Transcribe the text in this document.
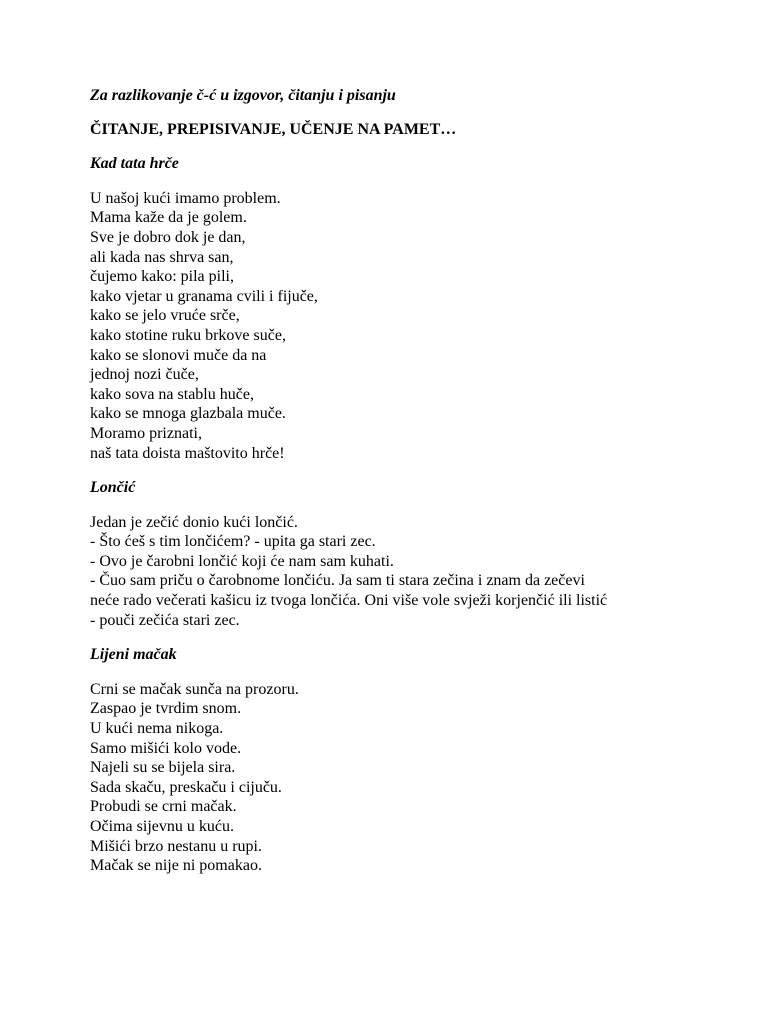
Za razlikovanje č-ć u izgovor, čitanju i pisanju

ČITANJE, PREPISIVANJE, UČENJE NA PAMET…

Kad tata hrče

U našoj kući imamo problem.
Mama kaže da je golem.
Sve je dobro dok je dan,
ali kada nas shrva san,
čujemo kako: pila pili,
kako vjetar u granama cvili i fijuče,
kako se jelo vruće srče,
kako stotine ruku brkove suče,
kako se slonovi muče da na
jednoj nozi čuče,
kako sova na stablu huče,
kako se mnoga glazbala muče.
Moramo priznati,
naš tata doista maštovito hrče!

Lončić

Jedan je zečić donio kući lončić.
- Što ćeš s tim lončićem? - upita ga stari zec.
- Ovo je čarobni lončić koji će nam sam kuhati.
- Čuo sam priču o čarobnome lončiću. Ja sam ti stara zečina i znam da zečevi
neće rado večerati kašicu iz tvoga lončića. Oni više vole svježi korjenčić ili listić
- pouči zečića stari zec.

Lijeni mačak

Crni se mačak sunča na prozoru.
Zaspao je tvrdim snom.
U kući nema nikoga.
Samo mišići kolo vode.
Najeli su se bijela sira.
Sada skaču, preskaču i cijuču.
Probudi se crni mačak.
Očima sijevnu u kuću.
Mišići brzo nestanu u rupi.
Mačak se nije ni pomakao.
